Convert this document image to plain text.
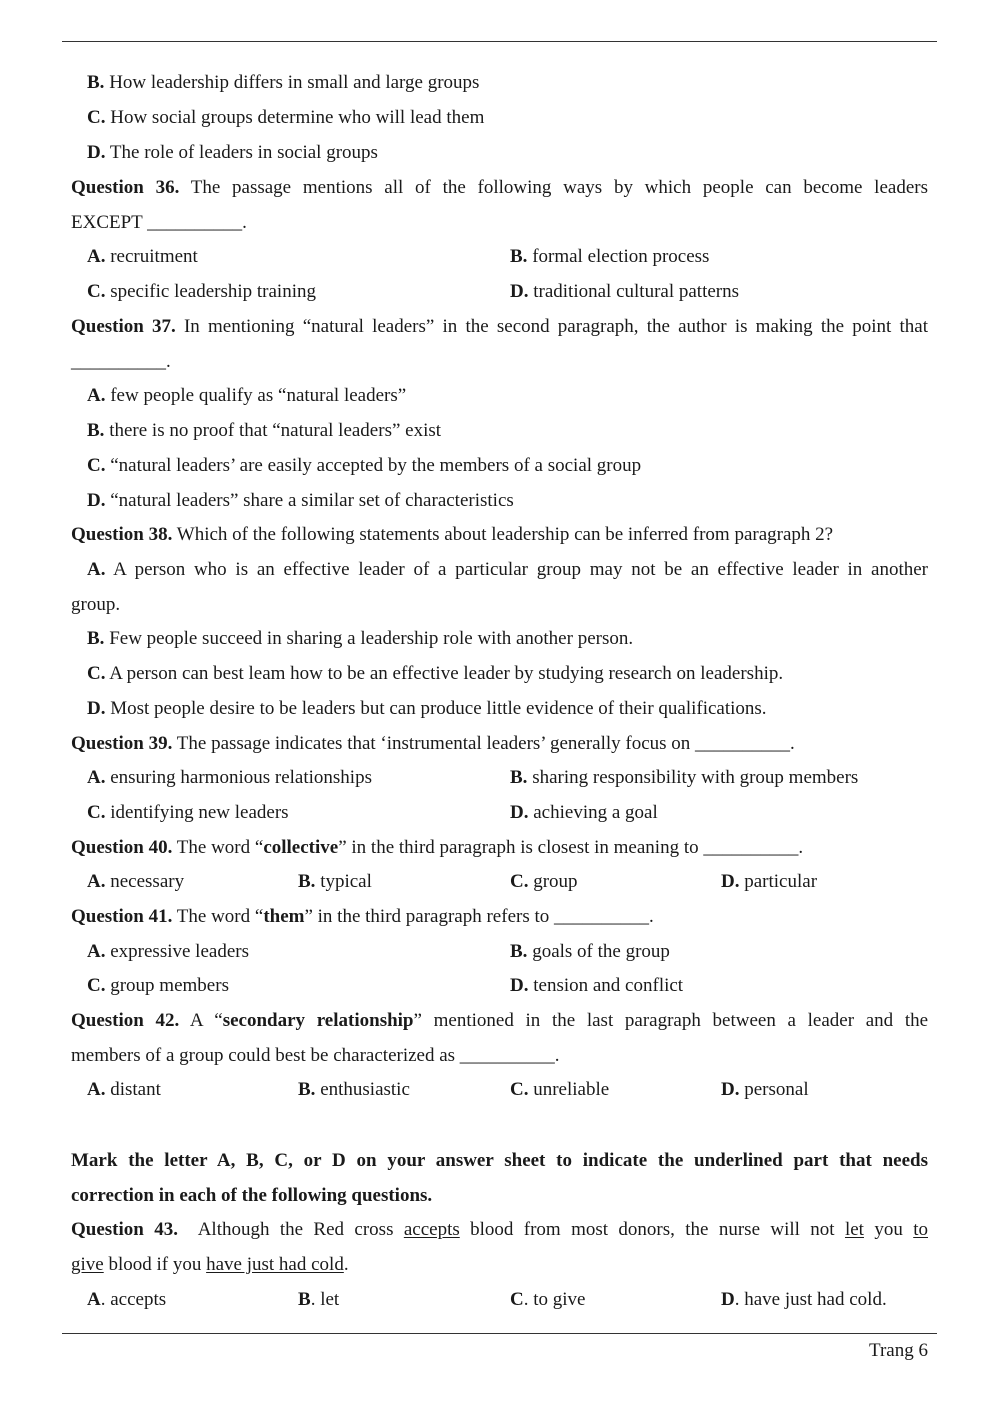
B. How leadership differs in small and large groups
C. How social groups determine who will lead them
D. The role of leaders in social groups
Question 36. The passage mentions all of the following ways by which people can become leaders
EXCEPT __________.
A. recruitment	B. formal election process
C. specific leadership training	D. traditional cultural patterns
Question 37. In mentioning “natural leaders” in the second paragraph, the author is making the point that
__________.
A. few people qualify as “natural leaders”
B. there is no proof that “natural leaders” exist
C. “natural leaders’ are easily accepted by the members of a social group
D. “natural leaders” share a similar set of characteristics
Question 38. Which of the following statements about leadership can be inferred from paragraph 2?
A. A person who is an effective leader of a particular group may not be an effective leader in another
group.
B. Few people succeed in sharing a leadership role with another person.
C. A person can best leam how to be an effective leader by studying research on leadership.
D. Most people desire to be leaders but can produce little evidence of their qualifications.
Question 39. The passage indicates that ‘instrumental leaders’ generally focus on __________.
A. ensuring harmonious relationships	B. sharing responsibility with group members
C. identifying new leaders	D. achieving a goal
Question 40. The word “collective” in the third paragraph is closest in meaning to __________.
A. necessary	B. typical	C. group	D. particular
Question 41. The word “them” in the third paragraph refers to __________.
A. expressive leaders	B. goals of the group
C. group members	D. tension and conflict
Question 42. A “secondary relationship” mentioned in the last paragraph between a leader and the
members of a group could best be characterized as __________.
A. distant	B. enthusiastic	C. unreliable	D. personal
Mark the letter A, B, C, or D on your answer sheet to indicate the underlined part that needs
correction in each of the following questions.
Question 43. Although the Red cross accepts blood from most donors, the nurse will not let you to
give blood if you have just had cold.
A. accepts	B. let	C. to give	D. have just had cold.
Trang 6
